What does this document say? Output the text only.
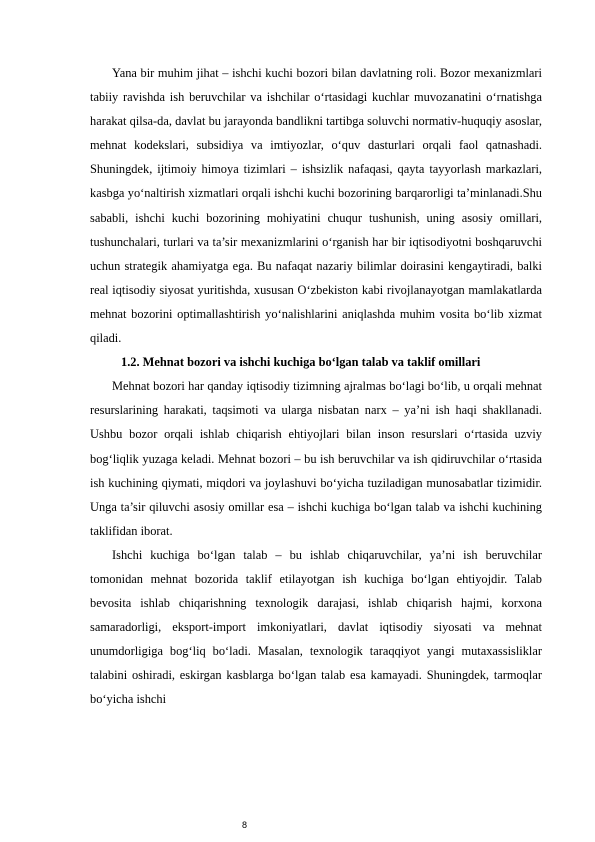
Yana bir muhim jihat – ishchi kuchi bozori bilan davlatning roli. Bozor mexanizmlari tabiiy ravishda ish beruvchilar va ishchilar o‘rtasidagi kuchlar muvozanatini o‘rnatishga harakat qilsa-da, davlat bu jarayonda bandlikni tartibga soluvchi normativ-huquqiy asoslar, mehnat kodekslari, subsidiya va imtiyozlar, o‘quv dasturlari orqali faol qatnashadi. Shuningdek, ijtimoiy himoya tizimlari – ishsizlik nafaqasi, qayta tayyorlash markazlari, kasbga yo‘naltirish xizmatlari orqali ishchi kuchi bozorining barqarorligi ta’minlanadi.Shu sababli, ishchi kuchi bozorining mohiyatini chuqur tushunish, uning asosiy omillari, tushunchalari, turlari va ta’sir mexanizmlarini o‘rganish har bir iqtisodiyotni boshqaruvchi uchun strategik ahamiyatga ega. Bu nafaqat nazariy bilimlar doirasini kengaytiradi, balki real iqtisodiy siyosat yuritishda, xususan O‘zbekiston kabi rivojlanayotgan mamlakatlarda mehnat bozorini optimallashtirish yo‘nalishlarini aniqlashda muhim vosita bo‘lib xizmat qiladi.

1.2. Mehnat bozori va ishchi kuchiga bo‘lgan talab va taklif omillari

Mehnat bozori har qanday iqtisodiy tizimning ajralmas bo‘lagi bo‘lib, u orqali mehnat resurslarining harakati, taqsimoti va ularga nisbatan narx – ya’ni ish haqi shakllanadi. Ushbu bozor orqali ishlab chiqarish ehtiyojlari bilan inson resurslari o‘rtasida uzviy bog‘liqlik yuzaga keladi. Mehnat bozori – bu ish beruvchilar va ish qidiruvchilar o‘rtasida ish kuchining qiymati, miqdori va joylashuvi bo‘yicha tuziladigan munosabatlar tizimidir. Unga ta’sir qiluvchi asosiy omillar esa – ishchi kuchiga bo‘lgan talab va ishchi kuchining taklifidan iborat.

Ishchi kuchiga bo‘lgan talab – bu ishlab chiqaruvchilar, ya’ni ish beruvchilar tomonidan mehnat bozorida taklif etilayotgan ish kuchiga bo‘lgan ehtiyojdir. Talab bevosita ishlab chiqarishning texnologik darajasi, ishlab chiqarish hajmi, korxona samaradorligi, eksport-import imkoniyatlari, davlat iqtisodiy siyosati va mehnat unumdorligiga bog‘liq bo‘ladi. Masalan, texnologik taraqqiyot yangi mutaxassisliklar talabini oshiradi, eskirgan kasblarga bo‘lgan talab esa kamayadi. Shuningdek, tarmoqlar bo‘yicha ishchi

8
